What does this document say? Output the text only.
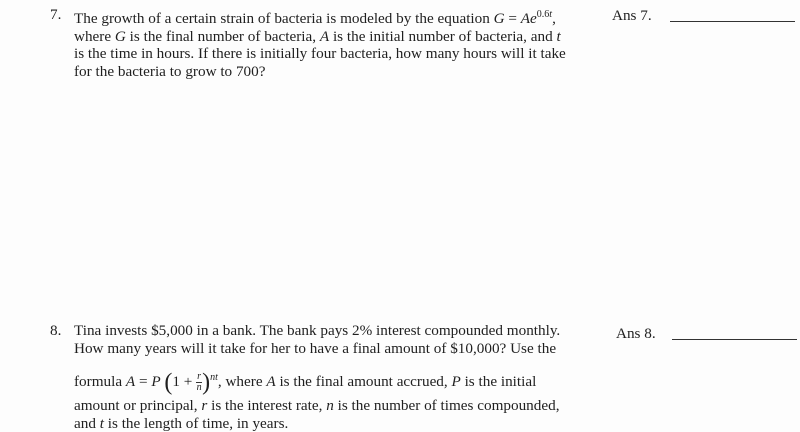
7. The growth of a certain strain of bacteria is modeled by the equation $G = Ae^{0.6t}$,
where G is the final number of bacteria, A is the initial number of bacteria, and t
is the time in hours. If there is initially four bacteria, how many hours will it take
for the bacteria to grow to 700?
Ans 7.
8. Tina invests $5,000 in a bank. The bank pays 2% interest compounded monthly.
How many years will it take for her to have a final amount of $10,000? Use the
formula A = P $(1 + \frac{r}{n} )^{nt}$, where A is the final amount accrued, P is the initial
amount or principal, r is the interest rate, n is the number of times compounded,
and t is the length of time, in years.
Ans 8.
